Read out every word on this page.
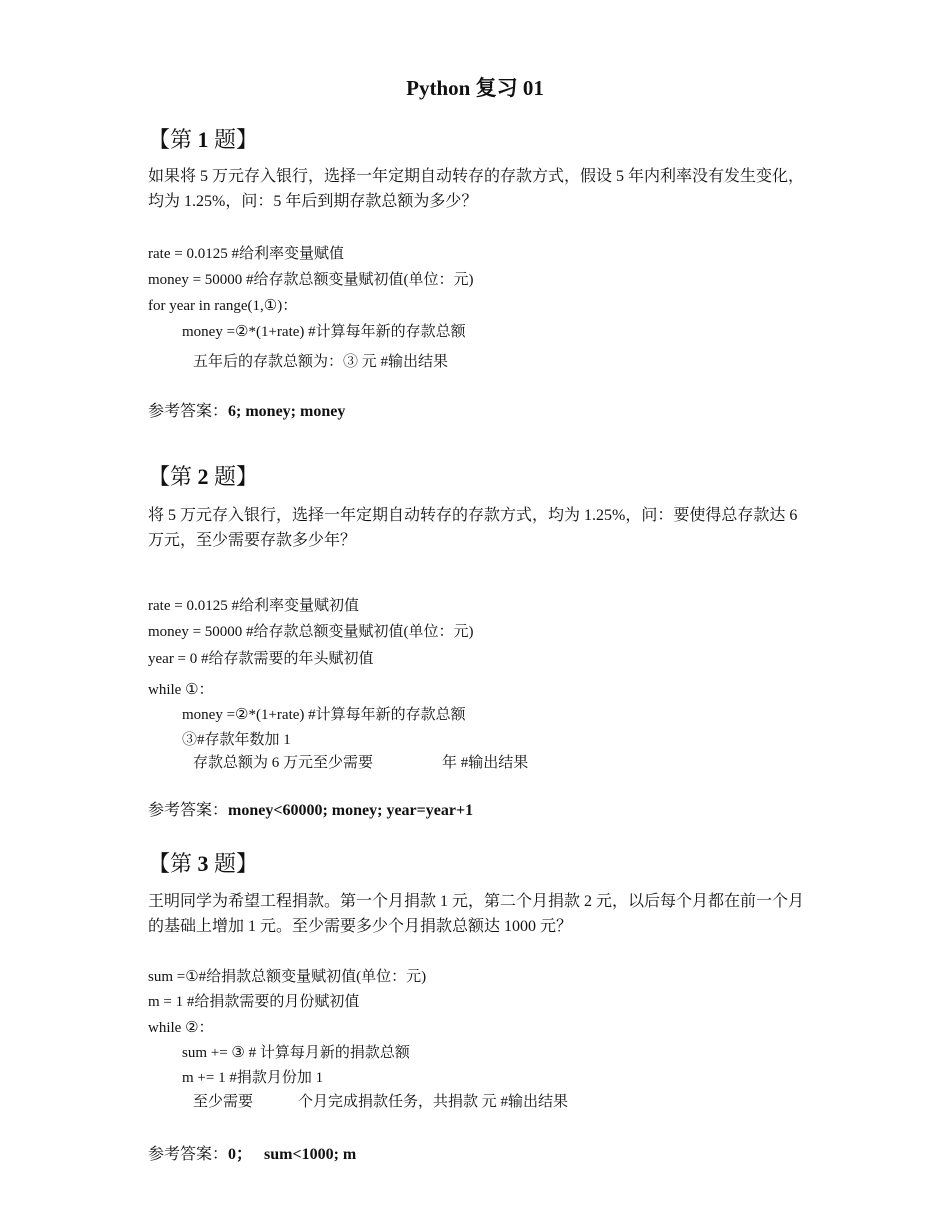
Python 复习 01
【第 1 题】
如果将 5 万元存入银行，选择一年定期自动转存的存款方式，假设 5 年内利率没有发生变化，均为 1.25%，问：5 年后到期存款总额为多少？
rate = 0.0125 #给利率变量赋值
money = 50000 #给存款总额变量赋初值(单位：元)
for year in range(1,①)：
money =②*(1+rate) #计算每年新的存款总额
五年后的存款总额为：③ 元 #输出结果
参考答案：6; money; money
【第 2 题】
将 5 万元存入银行，选择一年定期自动转存的存款方式，均为 1.25%，问：要使得总存款达 6 万元，至少需要存款多少年？
rate = 0.0125 #给利率变量赋初值
money = 50000 #给存款总额变量赋初值(单位：元)
year = 0 #给存款需要的年头赋初值
while ①：
money =②*(1+rate) #计算每年新的存款总额
③#存款年数加 1
存款总额为 6 万元至少需要	年 #输出结果
参考答案：money<60000; money; year=year+1
【第 3 题】
王明同学为希望工程捐款。第一个月捐款 1 元，第二个月捐款 2 元，以后每个月都在前一个月的基础上增加 1 元。至少需要多少个月捐款总额达 1000 元？
sum =①#给捐款总额变量赋初值(单位：元)
m = 1 #给捐款需要的月份赋初值
while ②：
sum += ③ # 计算每月新的捐款总额
m += 1 #捐款月份加 1
至少需要	个月完成捐款任务，共捐款 元 #输出结果
参考答案：0；   sum<1000; m
